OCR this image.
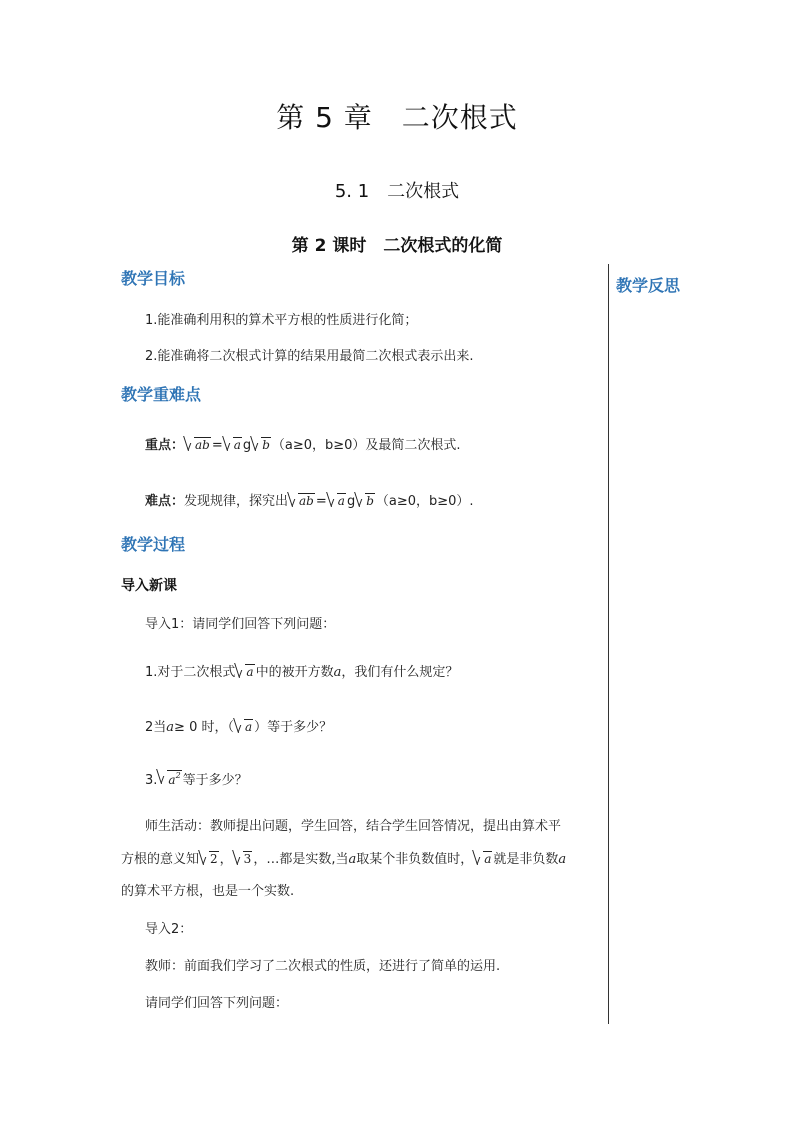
第 5 章　二次根式
5. 1　二次根式
第 2 课时　二次根式的化简
教学反思
教学目标
1.能准确利用积的算术平方根的性质进行化简；
2.能准确将二次根式计算的结果用最简二次根式表示出来.
教学重难点
重点： ab = a g b （a≥0，b≥0）及最简二次根式.
难点：发现规律，探究出 ab = a g b （a≥0，b≥0）.
教学过程
导入新课
导入1：请同学们回答下列问题：
1.对于二次根式 a 中的被开方数a，我们有什么规定？
2当a≥ 0 时，（ a ）等于多少？
3. $a^2$ 等于多少？
师生活动：教师提出问题，学生回答，结合学生回答情况，提出由算术平
方根的意义知 2 ， 3 ，…都是实数,当a取某个非负数值时， a 就是非负数a
的算术平方根，也是一个实数.
导入2：
教师：前面我们学习了二次根式的性质，还进行了简单的运用.
请同学们回答下列问题：
